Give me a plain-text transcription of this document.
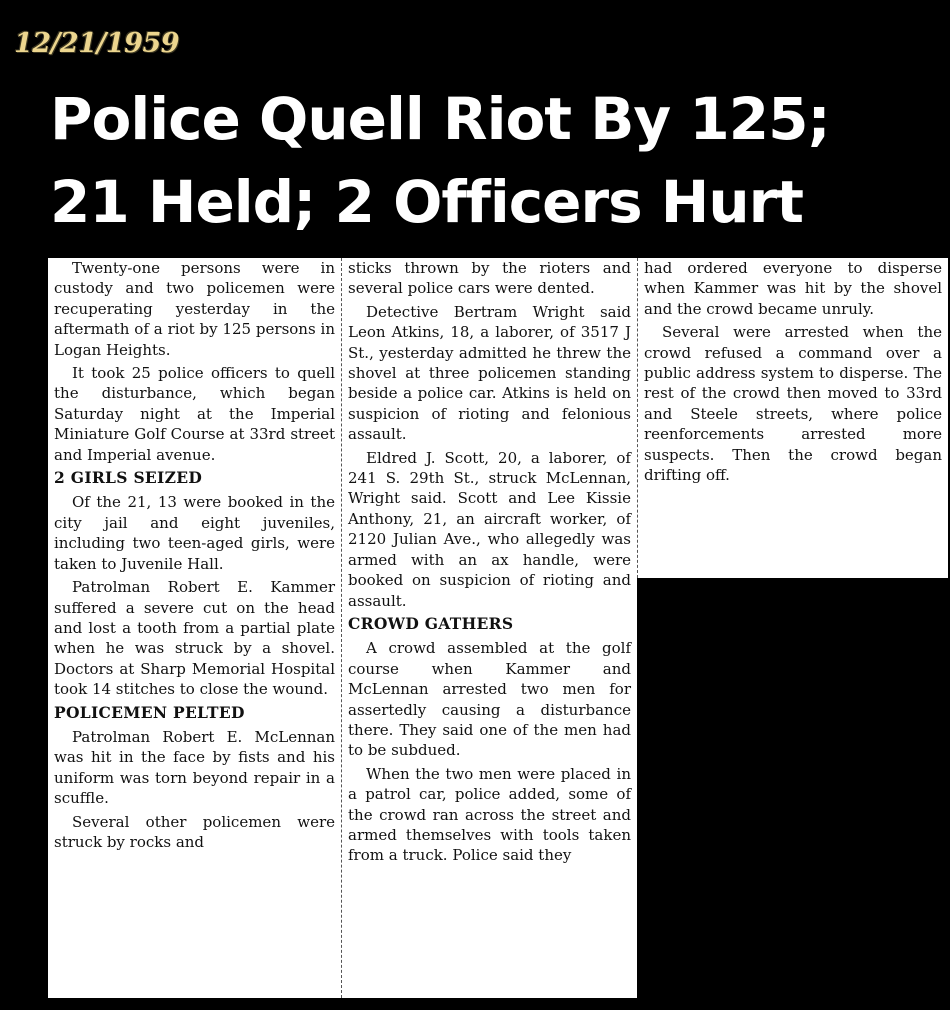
12/21/1959
Police Quell Riot By 125;
21 Held; 2 Officers Hurt

Twenty-one persons were in custody and two policemen were recuperating yesterday in the aftermath of a riot by 125 persons in Logan Heights.

It took 25 police officers to quell the disturbance, which began Saturday night at the Imperial Miniature Golf Course at 33rd street and Imperial avenue.

2 GIRLS SEIZED

Of the 21, 13 were booked in the city jail and eight juveniles, including two teen-aged girls, were taken to Juvenile Hall.

Patrolman Robert E. Kammer suffered a severe cut on the head and lost a tooth from a partial plate when he was struck by a shovel. Doctors at Sharp Memorial Hospital took 14 stitches to close the wound.

POLICEMEN PELTED

Patrolman Robert E. McLennan was hit in the face by fists and his uniform was torn beyond repair in a scuffle.

Several other policemen were struck by rocks and

sticks thrown by the rioters and several police cars were dented.

Detective Bertram Wright said Leon Atkins, 18, a laborer, of 3517 J St., yesterday admitted he threw the shovel at three policemen standing beside a police car. Atkins is held on suspicion of rioting and felonious assault.

Eldred J. Scott, 20, a laborer, of 241 S. 29th St., struck McLennan, Wright said. Scott and Lee Kissie Anthony, 21, an aircraft worker, of 2120 Julian Ave., who allegedly was armed with an ax handle, were booked on suspicion of rioting and assault.

CROWD GATHERS

A crowd assembled at the golf course when Kammer and McLennan arrested two men for assertedly causing a disturbance there. They said one of the men had to be subdued.

When the two men were placed in a patrol car, police added, some of the crowd ran across the street and armed themselves with tools taken from a truck. Police said they

had ordered everyone to disperse when Kammer was hit by the shovel and the crowd became unruly.

Several were arrested when the crowd refused a command over a public address system to disperse. The rest of the crowd then moved to 33rd and Steele streets, where police reenforcements arrested more suspects. Then the crowd began drifting off.
